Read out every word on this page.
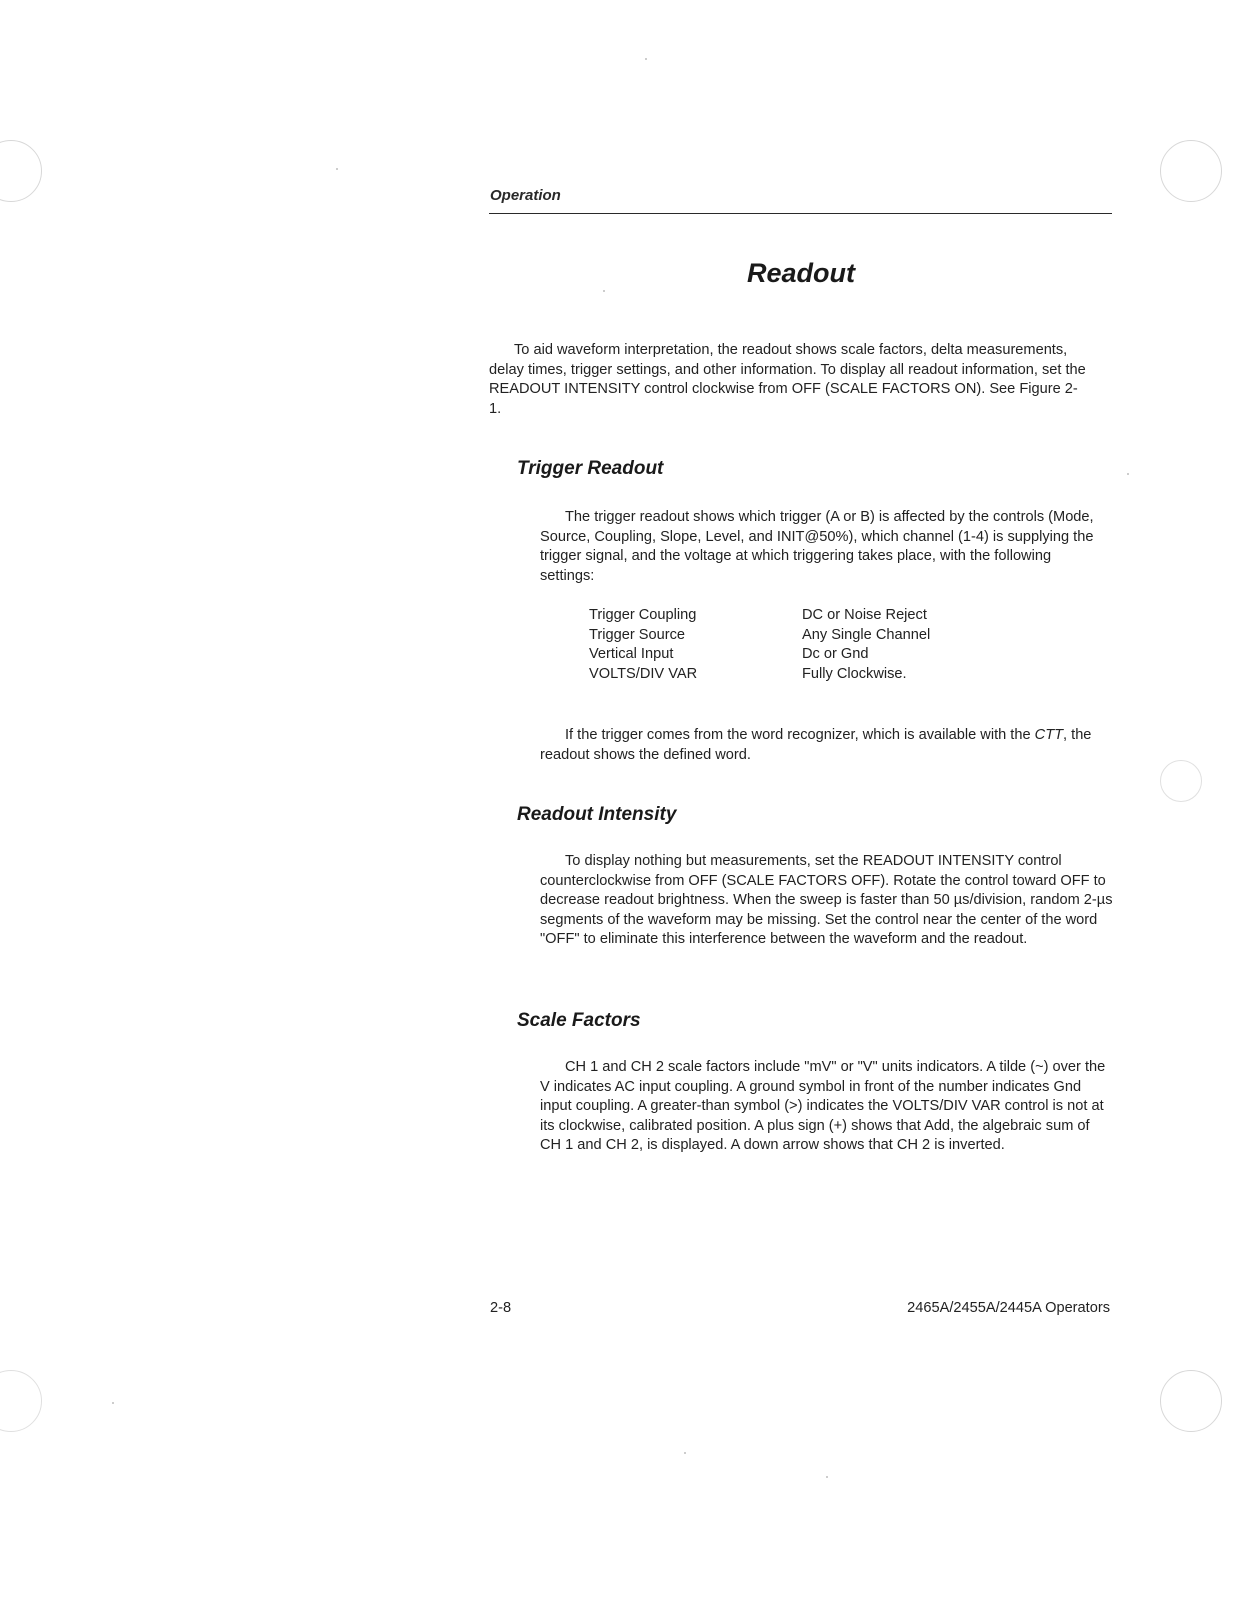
Operation
Readout

To aid waveform interpretation, the readout shows scale factors, delta measurements, delay times, trigger settings, and other information. To display all readout information, set the READOUT INTENSITY control clockwise from OFF (SCALE FACTORS ON). See Figure 2-1.

Trigger Readout

The trigger readout shows which trigger (A or B) is affected by the controls (Mode, Source, Coupling, Slope, Level, and INIT@50%), which channel (1-4) is supplying the trigger signal, and the voltage at which triggering takes place, with the following settings:

Trigger Coupling	DC or Noise Reject
Trigger Source	Any Single Channel
Vertical Input	Dc or Gnd
VOLTS/DIV VAR	Fully Clockwise.

If the trigger comes from the word recognizer, which is available with the CTT, the readout shows the defined word.

Readout Intensity

To display nothing but measurements, set the READOUT INTENSITY control counterclockwise from OFF (SCALE FACTORS OFF). Rotate the control toward OFF to decrease readout brightness. When the sweep is faster than 50 µs/division, random 2-µs segments of the waveform may be missing. Set the control near the center of the word "OFF" to eliminate this interference between the waveform and the readout.

Scale Factors

CH 1 and CH 2 scale factors include "mV" or "V" units indicators. A tilde (~) over the V indicates AC input coupling. A ground symbol in front of the number indicates Gnd input coupling. A greater-than symbol (>) indicates the VOLTS/DIV VAR control is not at its clockwise, calibrated position. A plus sign (+) shows that Add, the algebraic sum of CH 1 and CH 2, is displayed. A down arrow shows that CH 2 is inverted.

2-8	2465A/2455A/2445A Operators
